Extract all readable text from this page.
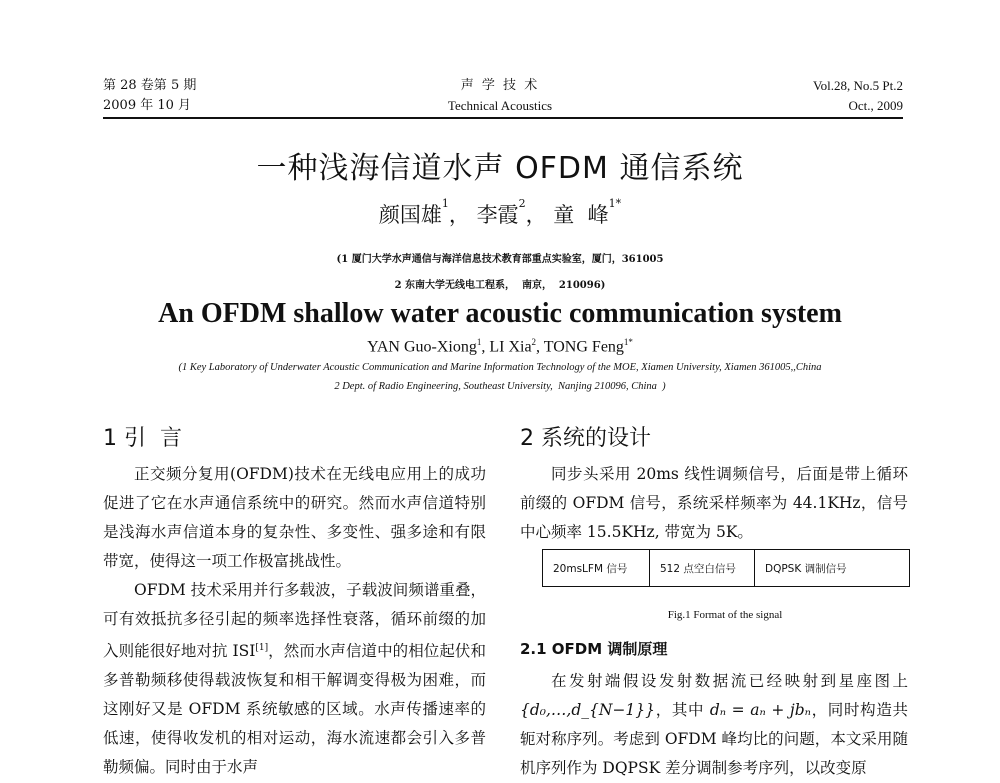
第 28 卷第 5 期
2009 年 10 月
声 学 技 术
Technical Acoustics
Vol.28, No.5 Pt.2
Oct., 2009
一种浅海信道水声 OFDM 通信系统
颜国雄$^1$， 李霞$^2$， 童  峰$^{1*}$
(1 厦门大学水声通信与海洋信息技术教育部重点实验室，厦门，361005
2 东南大学无线电工程系，  南京，  210096)
An OFDM shallow water acoustic communication system
YAN Guo-Xiong$^1$, LI Xia$^2$, TONG Feng$^{1*}$
(1 Key Laboratory of Underwater Acoustic Communication and Marine Information Technology of the MOE, Xiamen University, Xiamen 361005,,China
2 Dept. of Radio Engineering, Southeast University,  Nanjing 210096, China  )
1 引  言

正交频分复用(OFDM)技术在无线电应用上的成功促进了它在水声通信系统中的研究。然而水声信道特别是浅海水声信道本身的复杂性、多变性、强多途和有限带宽，使得这一项工作极富挑战性。

OFDM 技术采用并行多载波，子载波间频谱重叠，可有效抵抗多径引起的频率选择性衰落，循环前缀的加入则能很好地对抗 ISI[1]，然而水声信道中的相位起伏和多普勒频移使得载波恢复和相干解调变得极为困难，而这刚好又是 OFDM 系统敏感的区域。水声传播速率的低速，使得收发机的相对运动，海水流速都会引入多普勒频偏。同时由于水声

2 系统的设计

同步头采用 20ms 线性调频信号，后面是带上循环前缀的 OFDM 信号，系统采样频率为 44.1KHz，信号中心频率 15.5KHz, 带宽为 5K。

20msLFM 信号	512 点空白信号	DQPSK 调制信号
Fig.1 Format of the signal
2.1 OFDM 调制原理

在发射端假设发射数据流已经映射到星座图上 {d₀,…,d_{N−1}}，其中 dₙ = aₙ + jbₙ，同时构造共轭对称序列。考虑到 OFDM 峰均比的问题，本文采用随机序列作为 DQPSK 差分调制参考序列，以改变原
